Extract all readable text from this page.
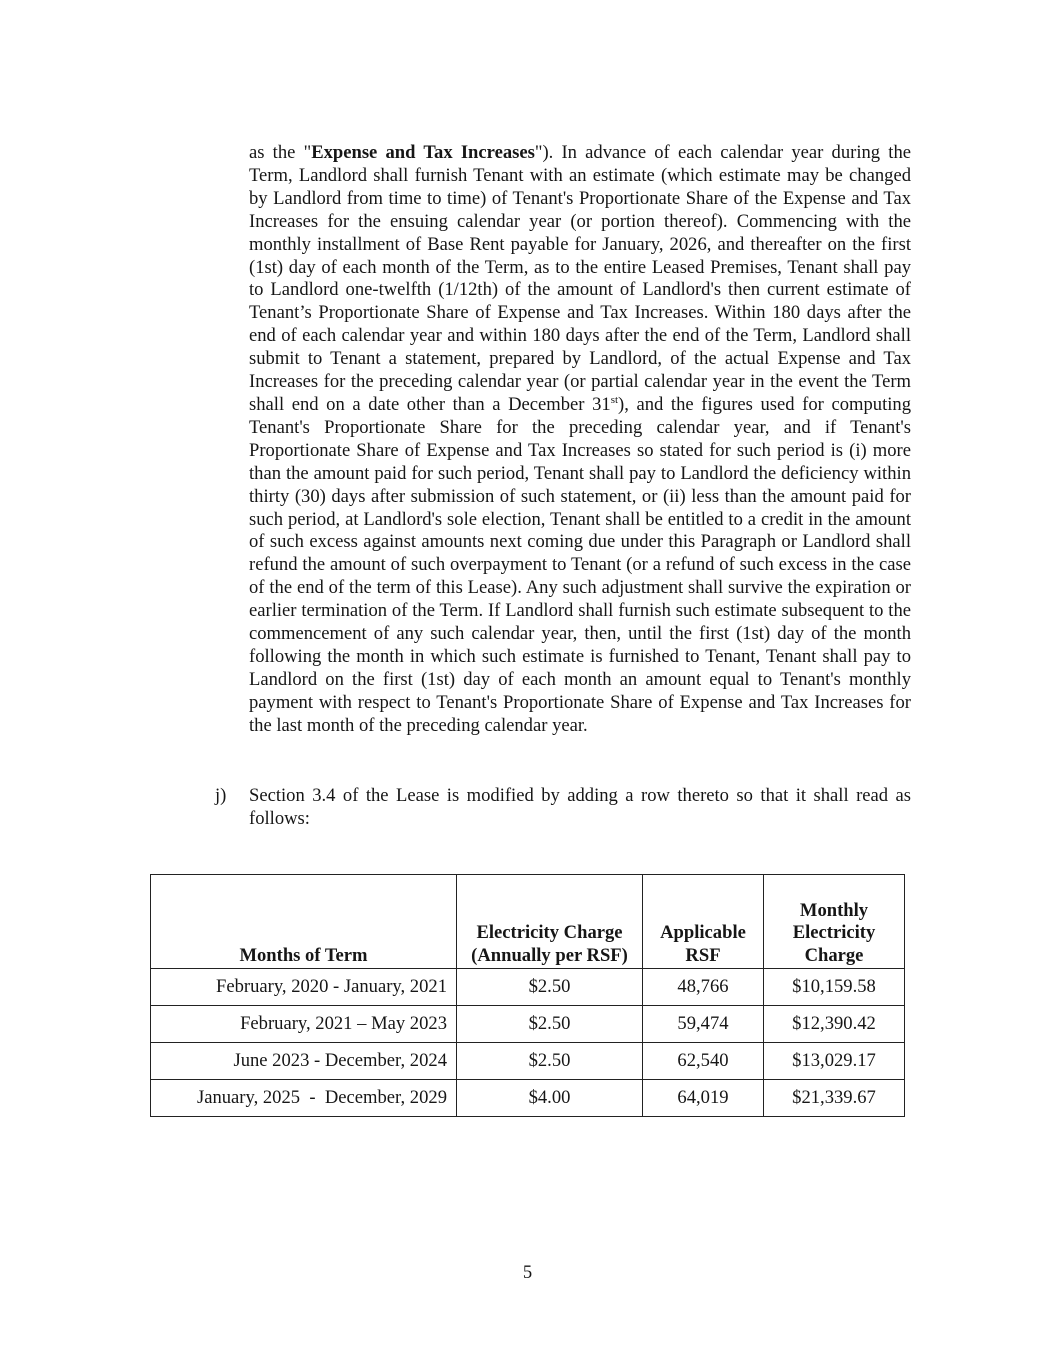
as the "Expense and Tax Increases"). In advance of each calendar year during the Term, Landlord shall furnish Tenant with an estimate (which estimate may be changed by Landlord from time to time) of Tenant's Proportionate Share of the Expense and Tax Increases for the ensuing calendar year (or portion thereof). Commencing with the monthly installment of Base Rent payable for January, 2026, and thereafter on the first (1st) day of each month of the Term, as to the entire Leased Premises, Tenant shall pay to Landlord one-twelfth (1/12th) of the amount of Landlord's then current estimate of Tenant’s Proportionate Share of Expense and Tax Increases. Within 180 days after the end of each calendar year and within 180 days after the end of the Term, Landlord shall submit to Tenant a statement, prepared by Landlord, of the actual Expense and Tax Increases for the preceding calendar year (or partial calendar year in the event the Term shall end on a date other than a December 31st), and the figures used for computing Tenant's Proportionate Share for the preceding calendar year, and if Tenant's Proportionate Share of Expense and Tax Increases so stated for such period is (i) more than the amount paid for such period, Tenant shall pay to Landlord the deficiency within thirty (30) days after submission of such statement, or (ii) less than the amount paid for such period, at Landlord's sole election, Tenant shall be entitled to a credit in the amount of such excess against amounts next coming due under this Paragraph or Landlord shall refund the amount of such overpayment to Tenant (or a refund of such excess in the case of the end of the term of this Lease). Any such adjustment shall survive the expiration or earlier termination of the Term. If Landlord shall furnish such estimate subsequent to the commencement of any such calendar year, then, until the first (1st) day of the month following the month in which such estimate is furnished to Tenant, Tenant shall pay to Landlord on the first (1st) day of each month an amount equal to Tenant's monthly payment with respect to Tenant's Proportionate Share of Expense and Tax Increases for the last month of the preceding calendar year.

j) Section 3.4 of the Lease is modified by adding a row thereto so that it shall read as follows:
Months of Term	Electricity Charge (Annually per RSF)	Applicable RSF	Monthly Electricity Charge
February, 2020 - January, 2021	$2.50	48,766	$10,159.58
February, 2021 – May 2023	$2.50	59,474	$12,390.42
June 2023 - December, 2024	$2.50	62,540	$13,029.17
January, 2025  -  December, 2029	$4.00	64,019	$21,339.67
5
